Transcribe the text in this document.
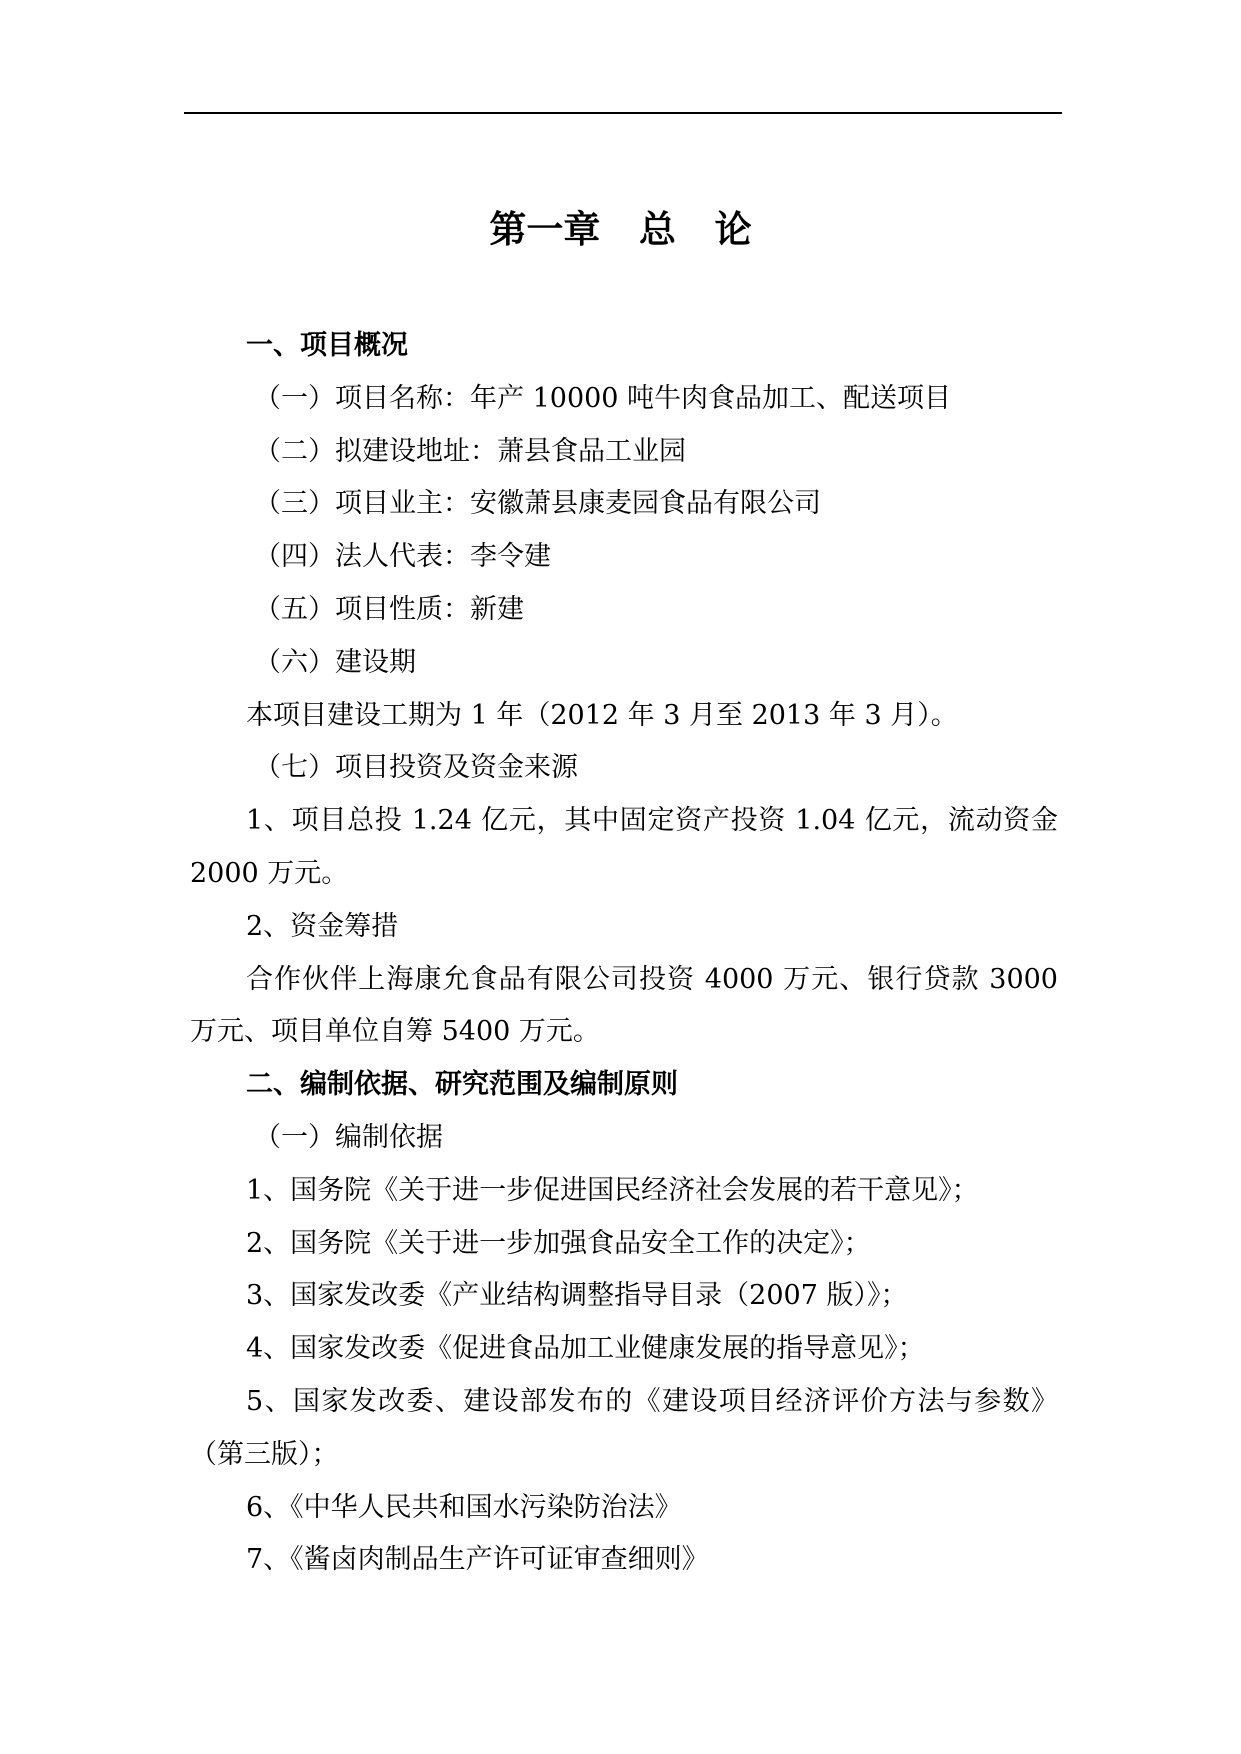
第一章   总   论

一、项目概况

（一）项目名称：年产 10000 吨牛肉食品加工、配送项目

（二）拟建设地址：萧县食品工业园

（三）项目业主：安徽萧县康麦园食品有限公司

（四）法人代表：李令建

（五）项目性质：新建

（六）建设期

本项目建设工期为 1 年（2012 年 3 月至 2013 年 3 月）。

（七）项目投资及资金来源

1、项目总投 1.24 亿元，其中固定资产投资 1.04 亿元，流动资金 2000 万元。

2、资金筹措

合作伙伴上海康允食品有限公司投资 4000 万元、银行贷款 3000 万元、项目单位自筹 5400 万元。

二、编制依据、研究范围及编制原则

（一）编制依据

1、国务院《关于进一步促进国民经济社会发展的若干意见》；

2、国务院《关于进一步加强食品安全工作的决定》；

3、国家发改委《产业结构调整指导目录（2007 版）》；

4、国家发改委《促进食品加工业健康发展的指导意见》；

5、国家发改委、建设部发布的《建设项目经济评价方法与参数》（第三版）；

6、《中华人民共和国水污染防治法》

7、《酱卤肉制品生产许可证审查细则》
